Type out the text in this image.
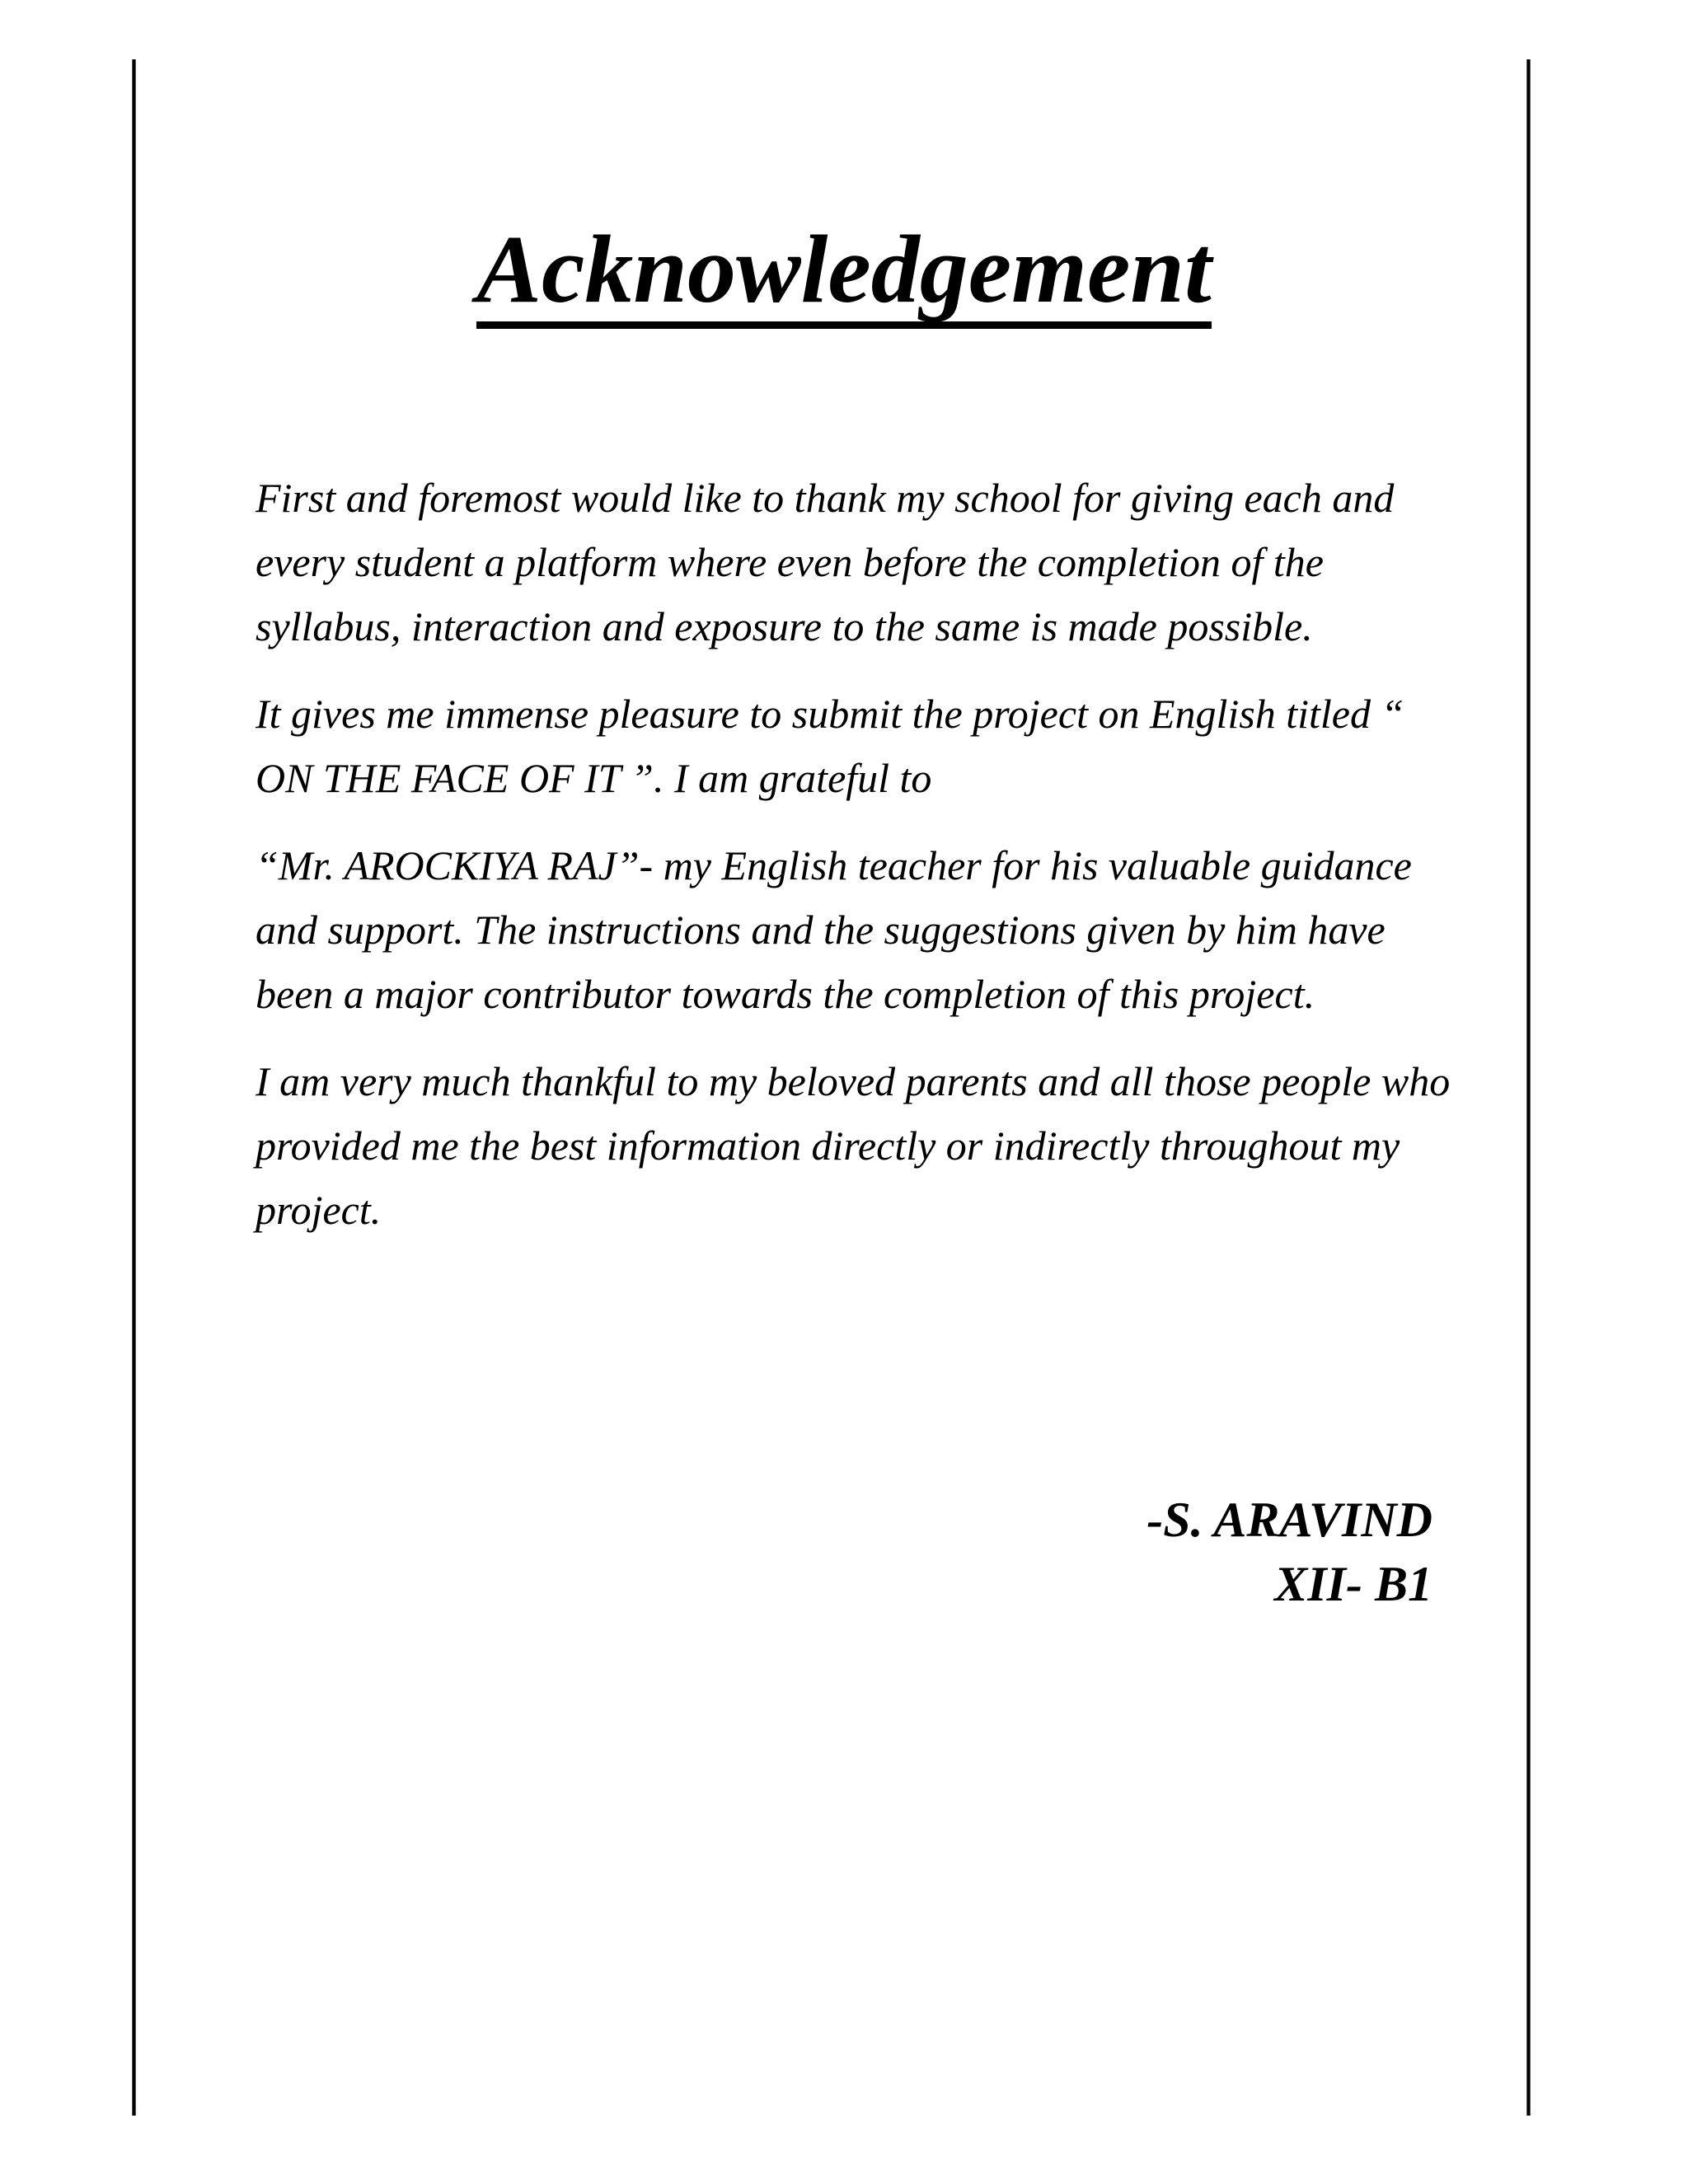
Acknowledgement

First and foremost would like to thank my school for giving each and every student a platform where even before the completion of the syllabus, interaction and exposure to the same is made possible.

It gives me immense pleasure to submit the project on English titled “ ON THE FACE OF IT ”. I am grateful to

“Mr. AROCKIYA RAJ”- my English teacher for his valuable guidance and support. The instructions and the suggestions given by him have been a major contributor towards the completion of this project.

I am very much thankful to my beloved parents and all those people who provided me the best information directly or indirectly throughout my project.

-S. ARAVIND
XII- B1
